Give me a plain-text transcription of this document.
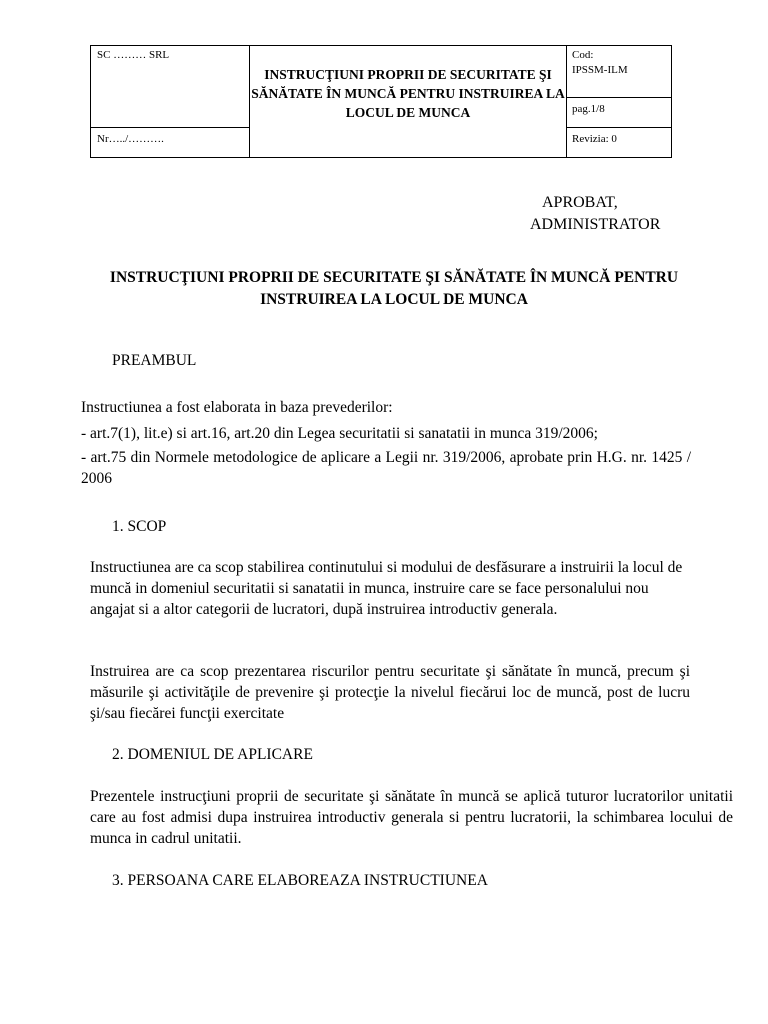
SC ……… SRL
Nr…../……….
INSTRUCŢIUNI PROPRII DE SECURITATE ŞI SĂNĂTATE ÎN MUNCĂ PENTRU INSTRUIREA LA LOCUL DE MUNCA
Cod:
IPSSM-ILM
pag.1/8
Revizia: 0
APROBAT,
ADMINISTRATOR
INSTRUCŢIUNI PROPRII DE SECURITATE ŞI SĂNĂTATE ÎN MUNCĂ PENTRU INSTRUIREA LA LOCUL DE MUNCA
PREAMBUL
Instructiunea a fost elaborata in baza prevederilor:
- art.7(1), lit.e) si art.16, art.20 din Legea securitatii si sanatatii in munca 319/2006;
- art.75 din Normele metodologice de aplicare a Legii nr. 319/2006, aprobate prin H.G. nr. 1425 / 2006
1. SCOP
Instructiunea are ca scop stabilirea continutului si modului de desfăsurare a instruirii la locul de muncă in domeniul securitatii si sanatatii in munca, instruire care se face personalului nou angajat si a altor categorii de lucratori, după instruirea introductiv generala.
Instruirea are ca scop prezentarea riscurilor pentru securitate şi sănătate în muncă, precum şi măsurile şi activităţile de prevenire şi protecţie la nivelul fiecărui loc de muncă, post de lucru şi/sau fiecărei funcţii exercitate
2. DOMENIUL DE APLICARE
Prezentele instrucţiuni proprii de securitate şi sănătate în muncă se aplică tuturor lucratorilor unitatii care au fost admisi dupa instruirea introductiv generala si pentru lucratorii, la schimbarea locului de munca in cadrul unitatii.
3. PERSOANA CARE ELABOREAZA INSTRUCTIUNEA
